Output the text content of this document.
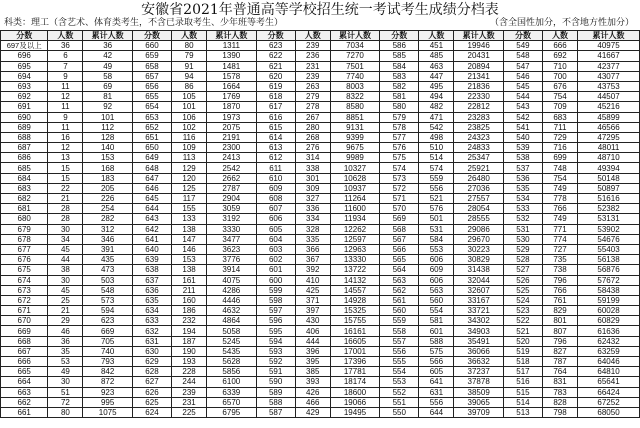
安徽省2021年普通高等学校招生统一考试考生成绩分档表
科类：理工（含艺术、体育类考生，不含已录取考生、少年班等考生）	（含全国性加分，不含地方性加分）
分数	人数	累计人数	分数	人数	累计人数	分数	人数	累计人数	分数	人数	累计人数	分数	人数	累计人数
697及以上	36	36	660	80	1311	623	239	7034	586	451	19946	549	666	40975
696	6	42	659	79	1390	622	236	7270	585	485	20431	548	692	41667
695	7	49	658	91	1481	621	231	7501	584	463	20894	547	710	42377
694	9	58	657	94	1578	620	239	7740	583	447	21341	546	700	43077
693	11	69	656	86	1664	619	263	8003	582	495	21836	545	676	43753
692	12	81	655	105	1769	618	279	8322	581	494	22330	544	754	44507
691	11	92	654	101	1870	617	278	8580	580	482	22812	543	709	45216
690	9	101	653	106	1973	616	267	8851	579	471	23283	542	683	45899
689	11	112	652	102	2075	615	280	9131	578	542	23825	541	711	46566
688	16	128	651	116	2191	614	268	9399	577	498	24323	540	729	47295
687	12	140	650	109	2300	613	276	9675	576	510	24833	539	716	48011
686	13	153	649	113	2413	612	314	9989	575	514	25347	538	699	48710
685	15	168	648	129	2542	611	338	10327	574	574	25921	537	748	49394
684	15	183	647	120	2662	610	301	10628	573	559	26480	536	754	50148
683	22	205	646	125	2787	609	309	10937	572	556	27036	535	749	50897
682	21	226	645	117	2904	608	327	11264	571	521	27557	534	778	51616
681	28	254	644	155	3059	607	336	11600	570	576	28054	533	766	52382
680	28	282	643	133	3192	606	334	11934	569	501	28555	532	749	53131
679	30	312	642	138	3330	605	328	12262	568	531	29086	531	771	53902
678	34	346	641	147	3477	604	335	12597	567	584	29670	530	774	54676
677	45	391	640	146	3623	603	366	12963	566	553	30223	529	727	55403
676	44	435	639	153	3776	602	367	13330	565	606	30829	528	735	56138
675	38	473	638	138	3914	601	392	13722	564	609	31438	527	738	56876
674	30	503	637	161	4075	600	410	14132	563	606	32044	526	796	57672
673	45	548	636	211	4286	599	425	14557	562	563	32607	525	766	58438
672	25	573	635	160	4446	598	371	14928	561	560	33167	524	761	59199
671	21	594	634	186	4632	597	397	15325	560	554	33721	523	829	60028
670	29	623	633	232	4864	596	430	15755	559	581	34302	522	801	60829
669	46	669	632	194	5058	595	406	16161	558	601	34903	521	807	61636
668	36	705	631	187	5245	594	444	16605	557	588	35491	520	796	62432
667	35	740	630	190	5435	593	396	17001	556	575	36066	519	827	63259
666	53	793	629	193	5628	592	395	17396	555	566	36632	518	787	64046
665	49	842	628	228	5856	591	385	17781	554	605	37237	517	764	64810
664	30	872	627	244	6100	590	393	18174	553	641	37878	516	831	65641
663	51	923	626	239	6339	589	426	18600	552	631	38509	515	783	66424
662	72	995	625	231	6570	588	466	19066	551	556	39065	514	828	67252
661	80	1075	624	225	6795	587	429	19495	550	644	39709	513	798	68050
